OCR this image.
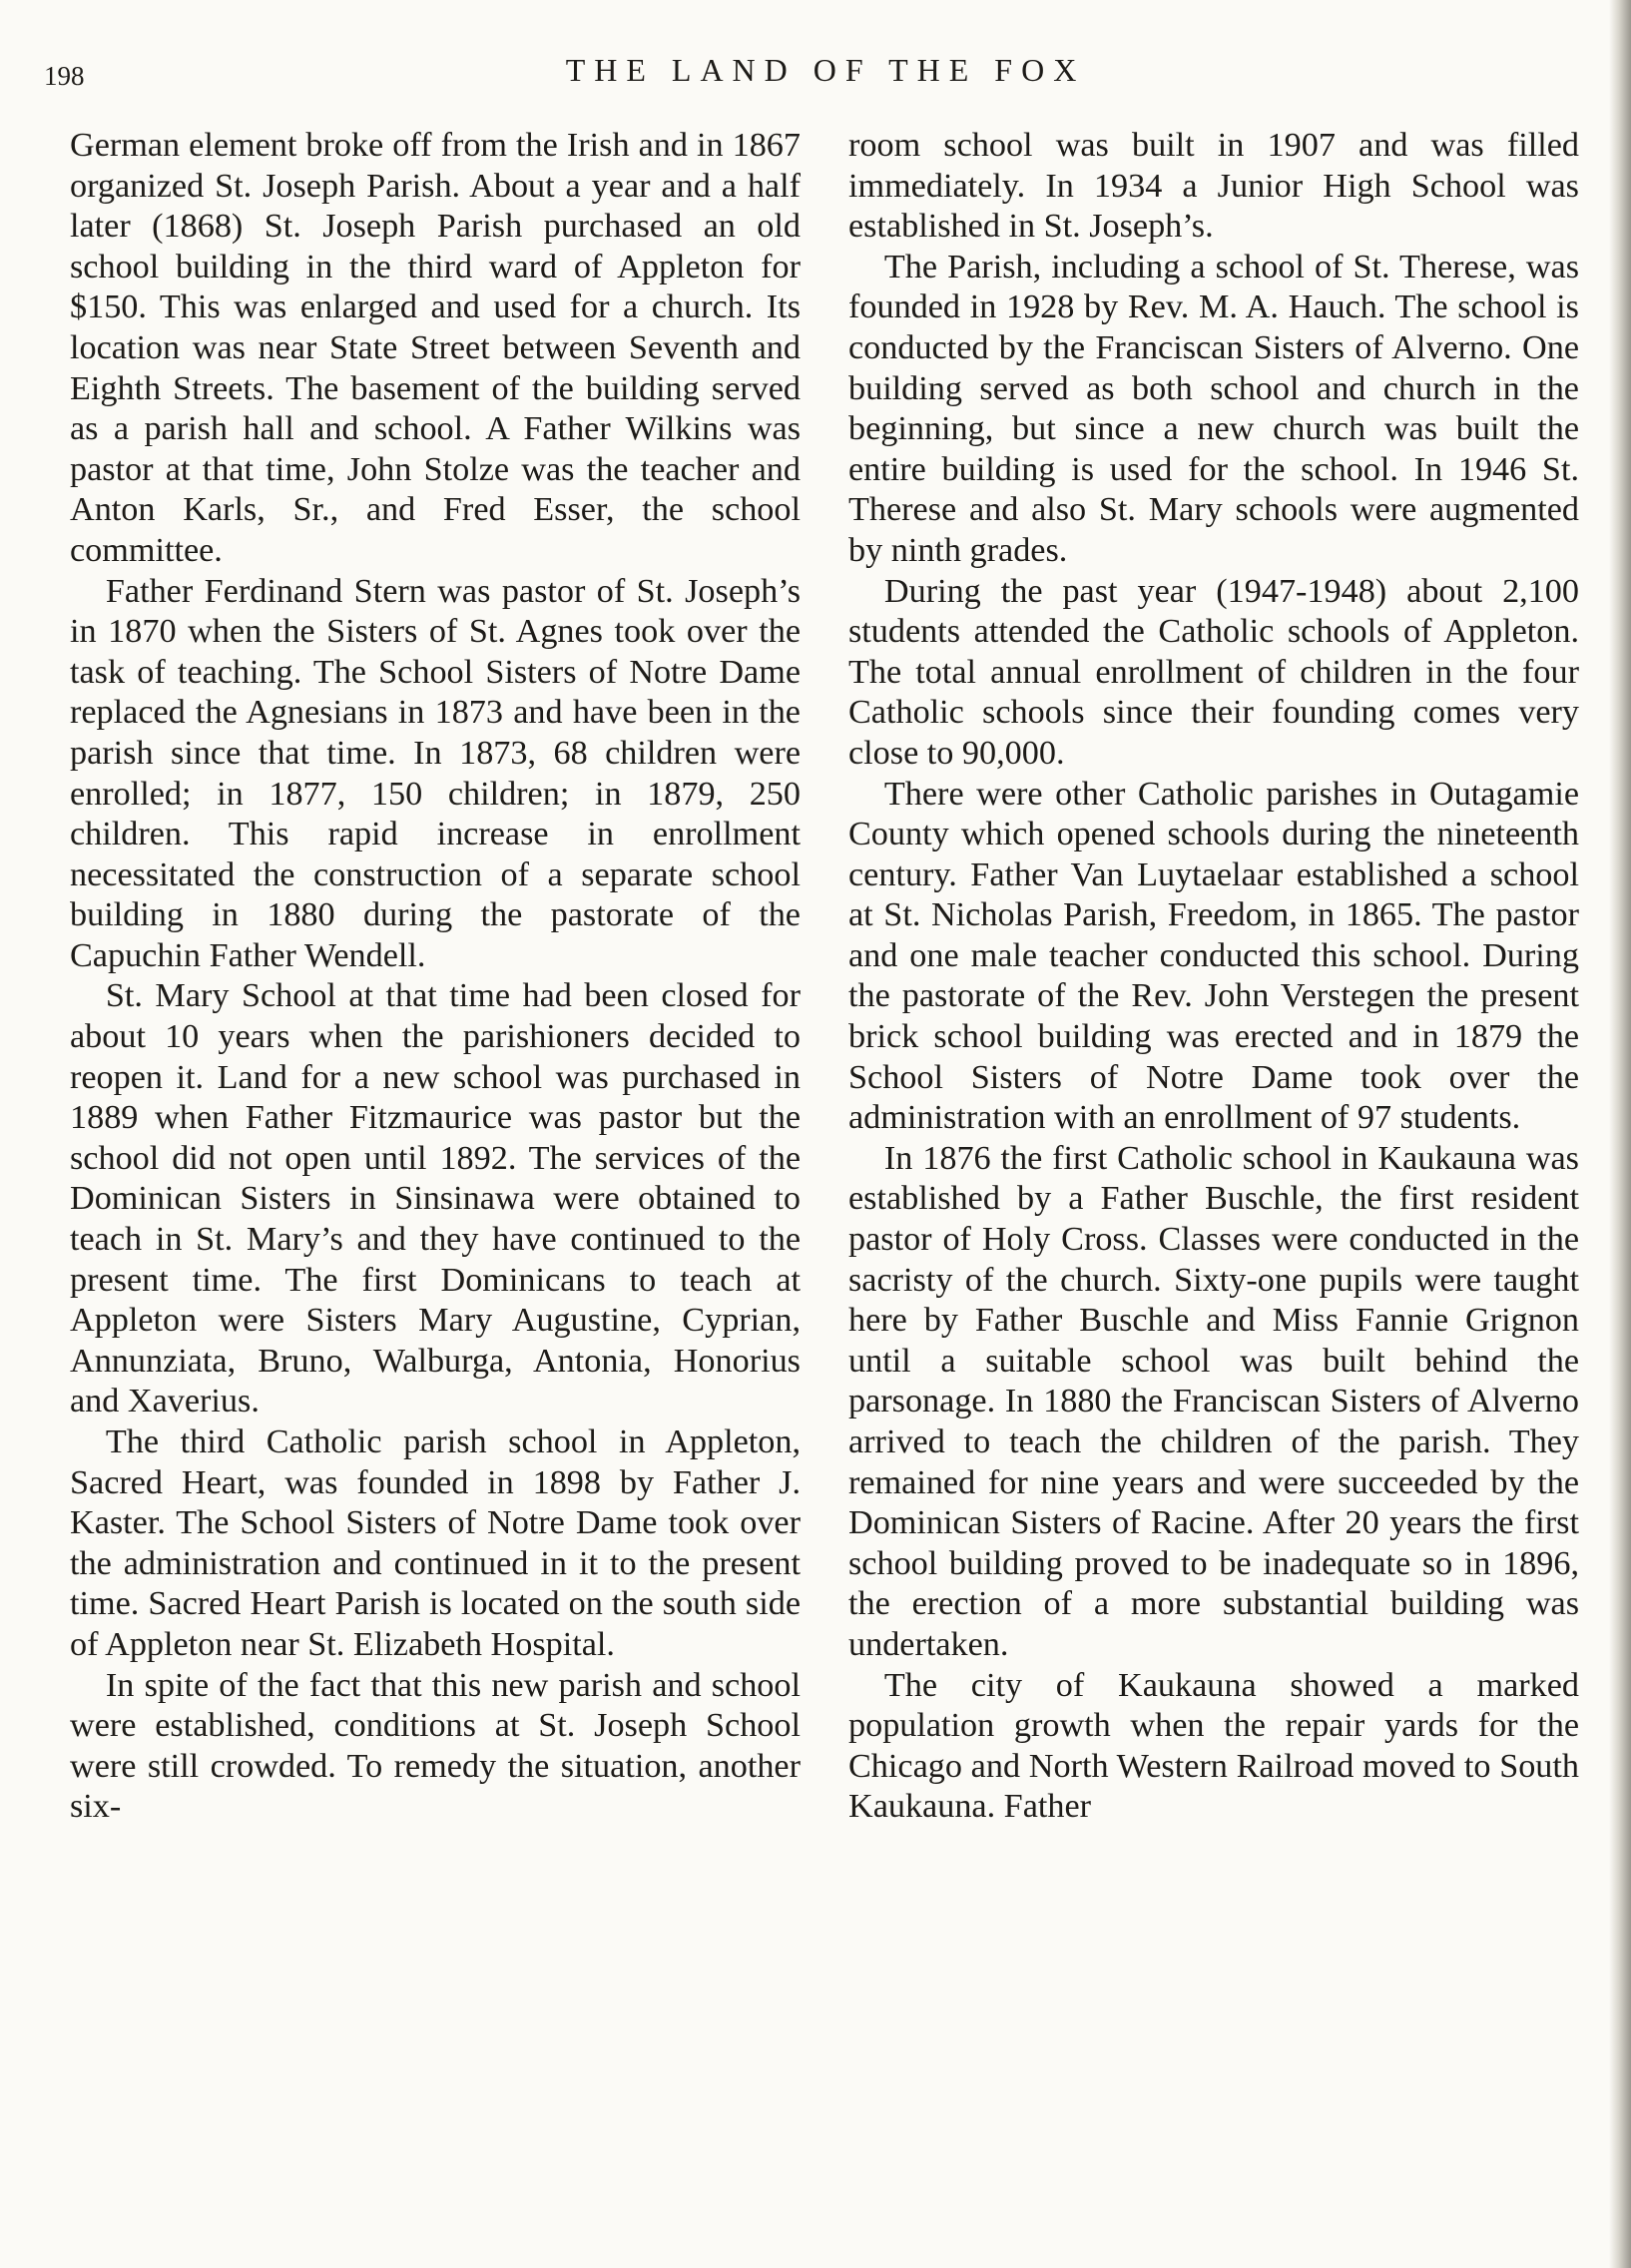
198	THE LAND OF THE FOX

German element broke off from the Irish and in 1867 organized St. Joseph Parish. About a year and a half later (1868) St. Joseph Parish purchased an old school building in the third ward of Appleton for $150. This was enlarged and used for a church. Its location was near State Street between Seventh and Eighth Streets. The basement of the building served as a parish hall and school. A Father Wilkins was pastor at that time, John Stolze was the teacher and Anton Karls, Sr., and Fred Esser, the school committee.

Father Ferdinand Stern was pastor of St. Joseph’s in 1870 when the Sisters of St. Agnes took over the task of teaching. The School Sisters of Notre Dame replaced the Agnesians in 1873 and have been in the parish since that time. In 1873, 68 children were enrolled; in 1877, 150 children; in 1879, 250 children. This rapid increase in enrollment necessitated the construction of a separate school building in 1880 during the pastorate of the Capuchin Father Wendell.

St. Mary School at that time had been closed for about 10 years when the parishioners decided to reopen it. Land for a new school was purchased in 1889 when Father Fitzmaurice was pastor but the school did not open until 1892. The services of the Dominican Sisters in Sinsinawa were obtained to teach in St. Mary’s and they have continued to the present time. The first Dominicans to teach at Appleton were Sisters Mary Augustine, Cyprian, Annunziata, Bruno, Walburga, Antonia, Honorius and Xaverius.

The third Catholic parish school in Appleton, Sacred Heart, was founded in 1898 by Father J. Kaster. The School Sisters of Notre Dame took over the administration and continued in it to the present time. Sacred Heart Parish is located on the south side of Appleton near St. Elizabeth Hospital.

In spite of the fact that this new parish and school were established, conditions at St. Joseph School were still crowded. To remedy the situation, another six-

room school was built in 1907 and was filled immediately. In 1934 a Junior High School was established in St. Joseph’s.

The Parish, including a school of St. Therese, was founded in 1928 by Rev. M. A. Hauch. The school is conducted by the Franciscan Sisters of Alverno. One building served as both school and church in the beginning, but since a new church was built the entire building is used for the school. In 1946 St. Therese and also St. Mary schools were augmented by ninth grades.

During the past year (1947-1948) about 2,100 students attended the Catholic schools of Appleton. The total annual enrollment of children in the four Catholic schools since their founding comes very close to 90,000.

There were other Catholic parishes in Outagamie County which opened schools during the nineteenth century. Father Van Luytaelaar established a school at St. Nicholas Parish, Freedom, in 1865. The pastor and one male teacher conducted this school. During the pastorate of the Rev. John Verstegen the present brick school building was erected and in 1879 the School Sisters of Notre Dame took over the administration with an enrollment of 97 students.

In 1876 the first Catholic school in Kaukauna was established by a Father Buschle, the first resident pastor of Holy Cross. Classes were conducted in the sacristy of the church. Sixty-one pupils were taught here by Father Buschle and Miss Fannie Grignon until a suitable school was built behind the parsonage. In 1880 the Franciscan Sisters of Alverno arrived to teach the children of the parish. They remained for nine years and were succeeded by the Dominican Sisters of Racine. After 20 years the first school building proved to be inadequate so in 1896, the erection of a more substantial building was undertaken.

The city of Kaukauna showed a marked population growth when the repair yards for the Chicago and North Western Railroad moved to South Kaukauna. Father
